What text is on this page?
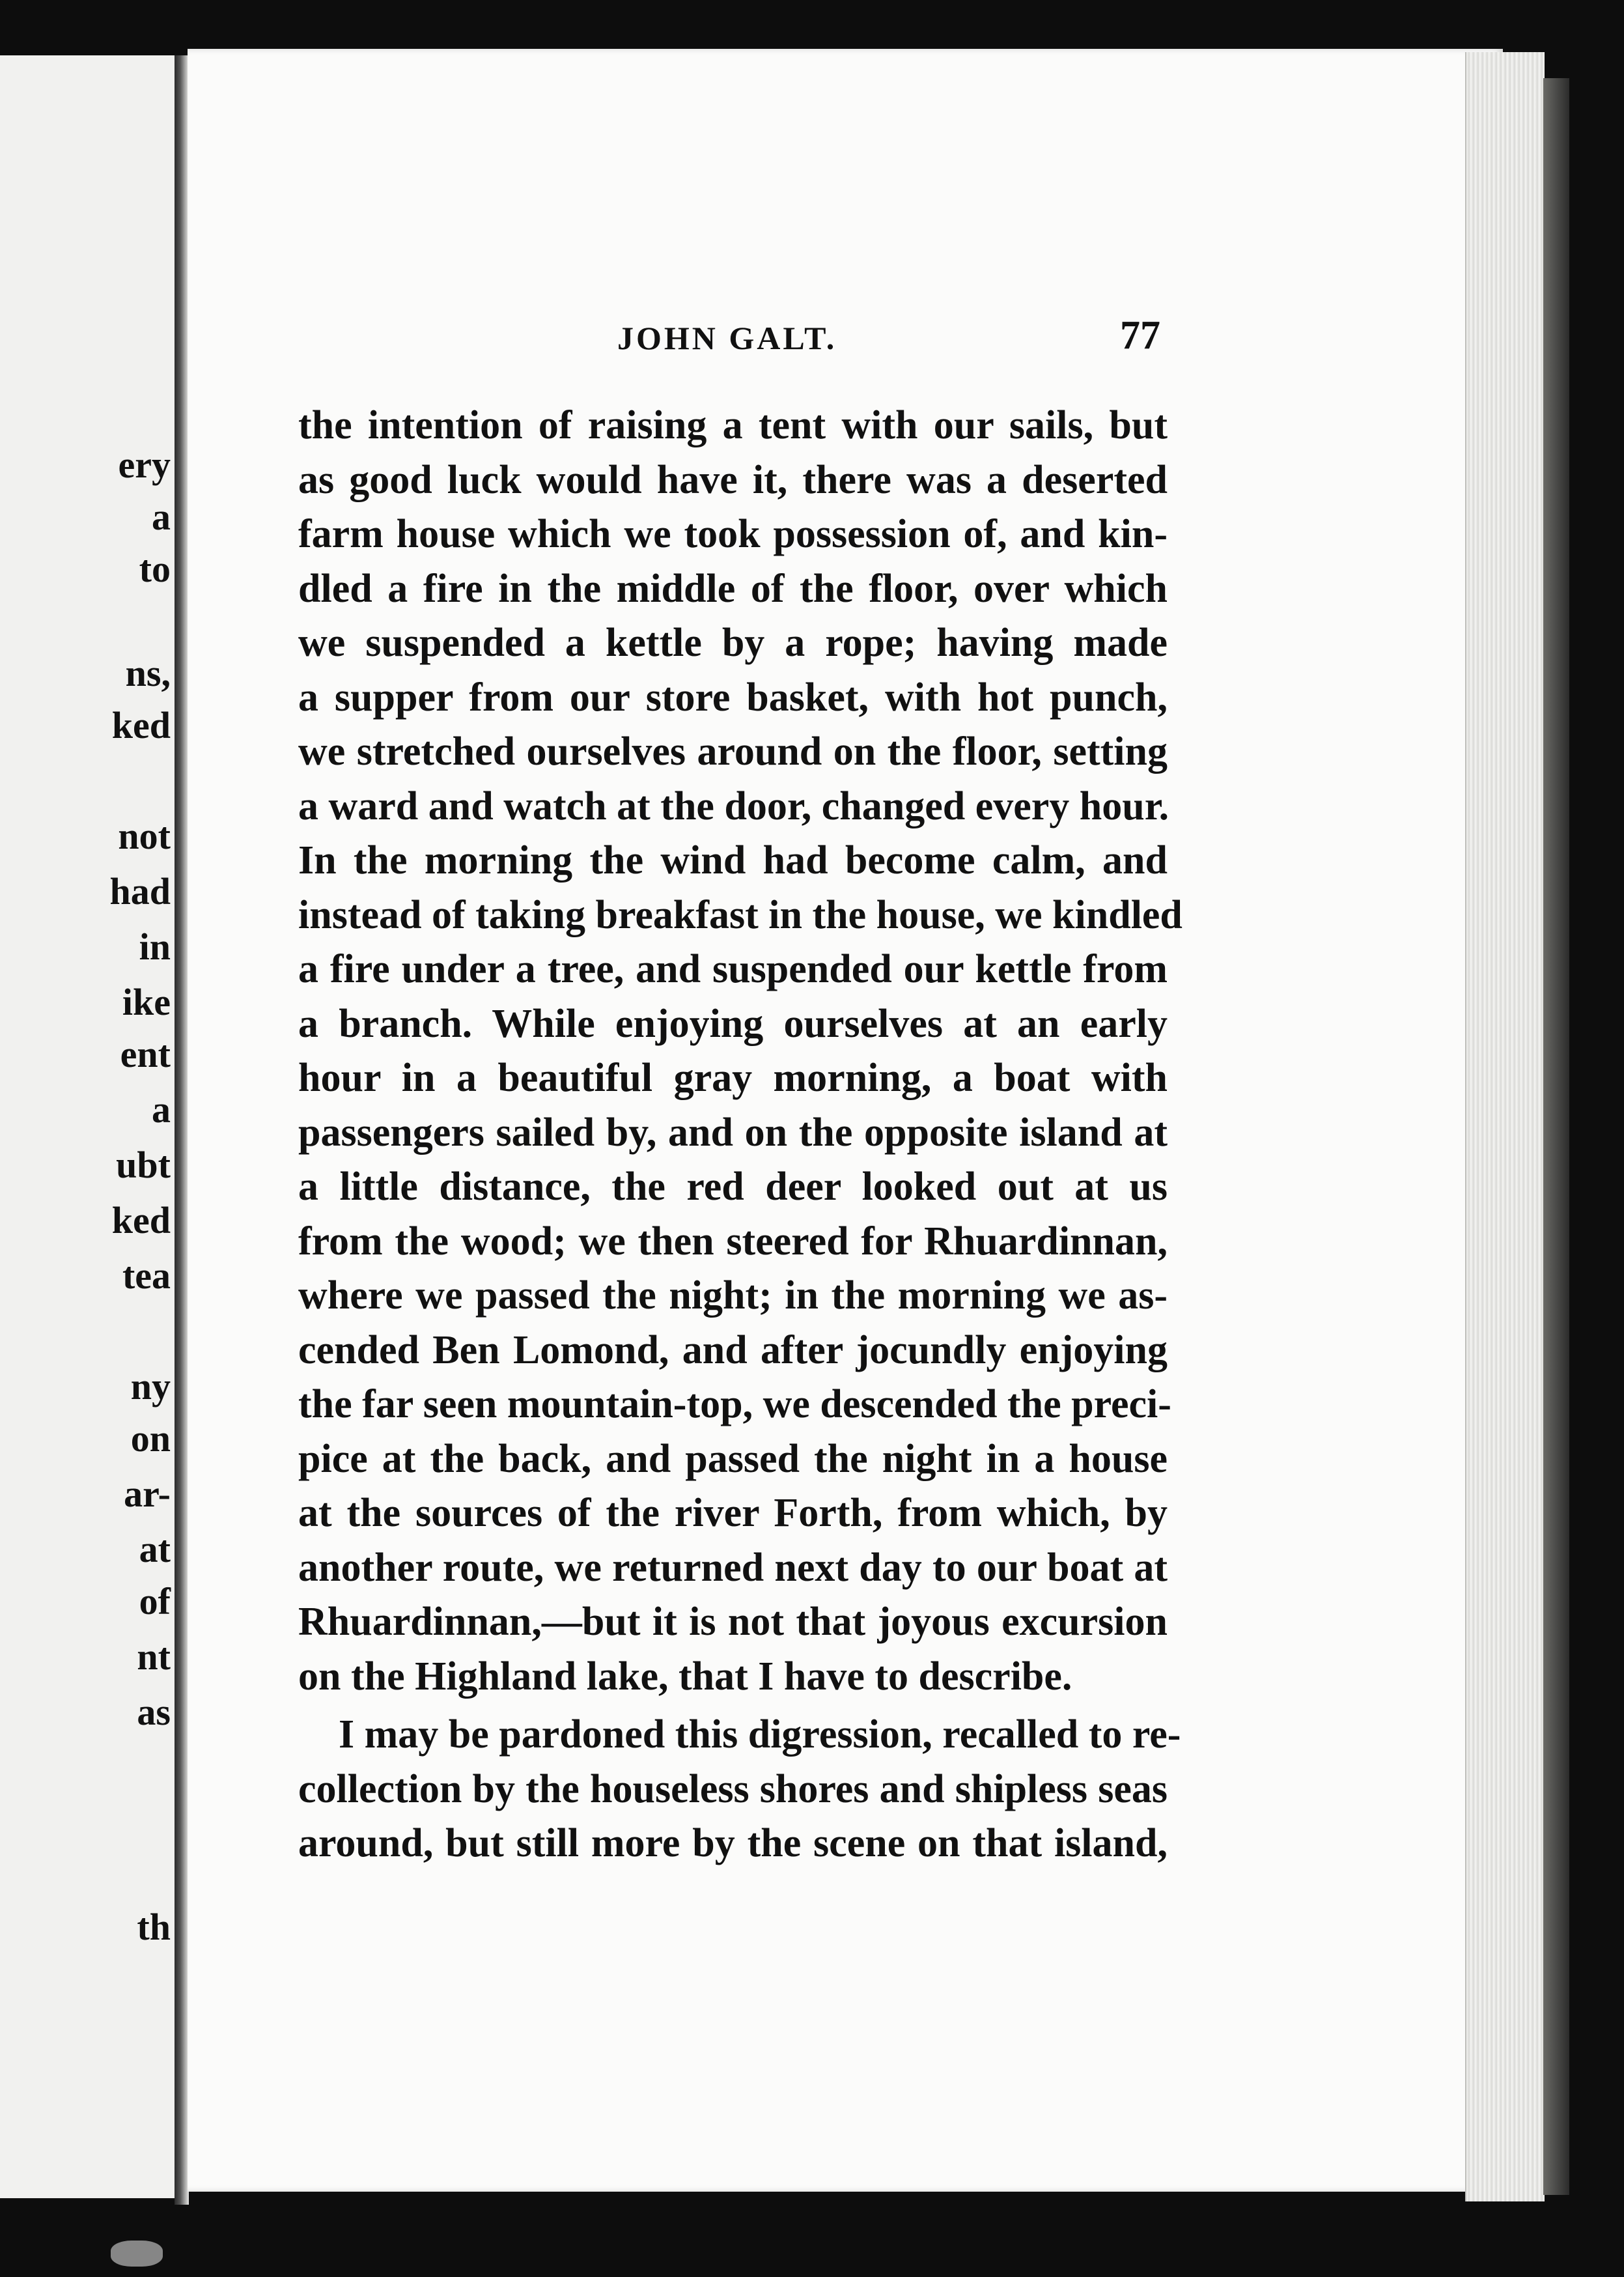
ery
a
to
ns,
ked
not
had
in
ike
ent
a
ubt
ked
tea
ny
on
ar-
at
of
nt
as
th
JOHN GALT.	77
the intention of raising a tent with our sails, but
as good luck would have it, there was a deserted
farm house which we took possession of, and kin-
dled a fire in the middle of the floor, over which
we suspended a kettle by a rope; having made
a supper from our store basket, with hot punch,
we stretched ourselves around on the floor, setting
a ward and watch at the door, changed every hour.
In the morning the wind had become calm, and
instead of taking breakfast in the house, we kindled
a fire under a tree, and suspended our kettle from
a branch. While enjoying ourselves at an early
hour in a beautiful gray morning, a boat with
passengers sailed by, and on the opposite island at
a little distance, the red deer looked out at us
from the wood; we then steered for Rhuardinnan,
where we passed the night; in the morning we as-
cended Ben Lomond, and after jocundly enjoying
the far seen mountain-top, we descended the preci-
pice at the back, and passed the night in a house
at the sources of the river Forth, from which, by
another route, we returned next day to our boat at
Rhuardinnan,—but it is not that joyous excursion
on the Highland lake, that I have to describe.
I may be pardoned this digression, recalled to re-
collection by the houseless shores and shipless seas
around, but still more by the scene on that island,
